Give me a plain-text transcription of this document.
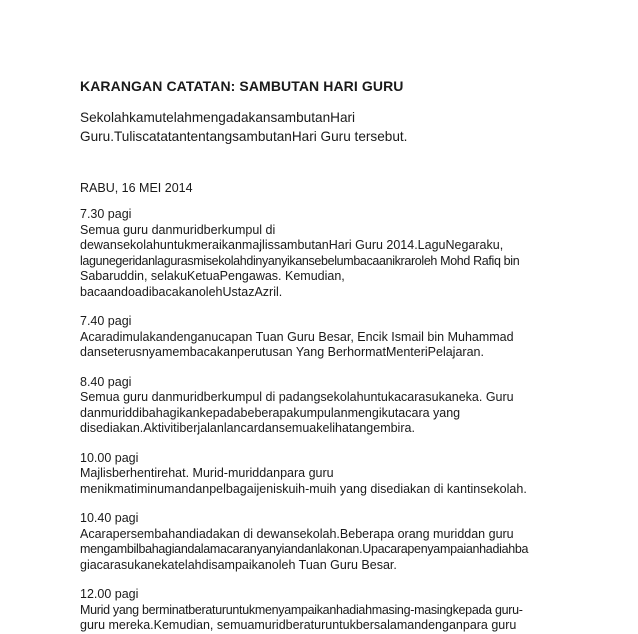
KARANGAN CATATAN: SAMBUTAN HARI GURU

SekolahkamutelahmengadakansambutanHari
Guru.TuliscatatantentangsambutanHari Guru tersebut.

RABU, 16 MEI 2014

7.30 pagi
Semua guru danmuridberkumpul di
dewansekolahuntukmeraikanmajlissambutanHari Guru 2014.LaguNegaraku,
lagunegeridanlagurasmisekolahdinyanyikansebelumbacaanikraroleh Mohd Rafiq bin
Sabaruddin, selakuKetuaPengawas. Kemudian,
bacaandoadibacakanolehUstazAzril.
7.40 pagi
Acaradimulakandenganucapan Tuan Guru Besar, Encik Ismail bin Muhammad
danseterusnyamembacakanperutusan Yang BerhormatMenteriPelajaran.
8.40 pagi
Semua guru danmuridberkumpul di padangsekolahuntukacarasukaneka. Guru
danmuriddibahagikankepadabeberapakumpulanmengikutacara yang
disediakan.Aktivitiberjalanlancardansemuakelihatangembira.
10.00 pagi
Majlisberhentirehat. Murid-muriddanpara guru
menikmatiminumandanpelbagaijeniskuih-muih yang disediakan di kantinsekolah.
10.40 pagi
Acarapersembahandiadakan di dewansekolah.Beberapa orang muriddan guru
mengambilbahagiandalamacaranyanyiandanlakonan.Upacarapenyampaianhadiahba
giacarasukanekatelahdisampaikanoleh Tuan Guru Besar.
12.00 pagi
Murid yang berminatberaturuntukmenyampaikanhadiahmasing-masingkepada guru-
guru mereka.Kemudian, semuamuridberaturuntukbersalamandenganpara guru
